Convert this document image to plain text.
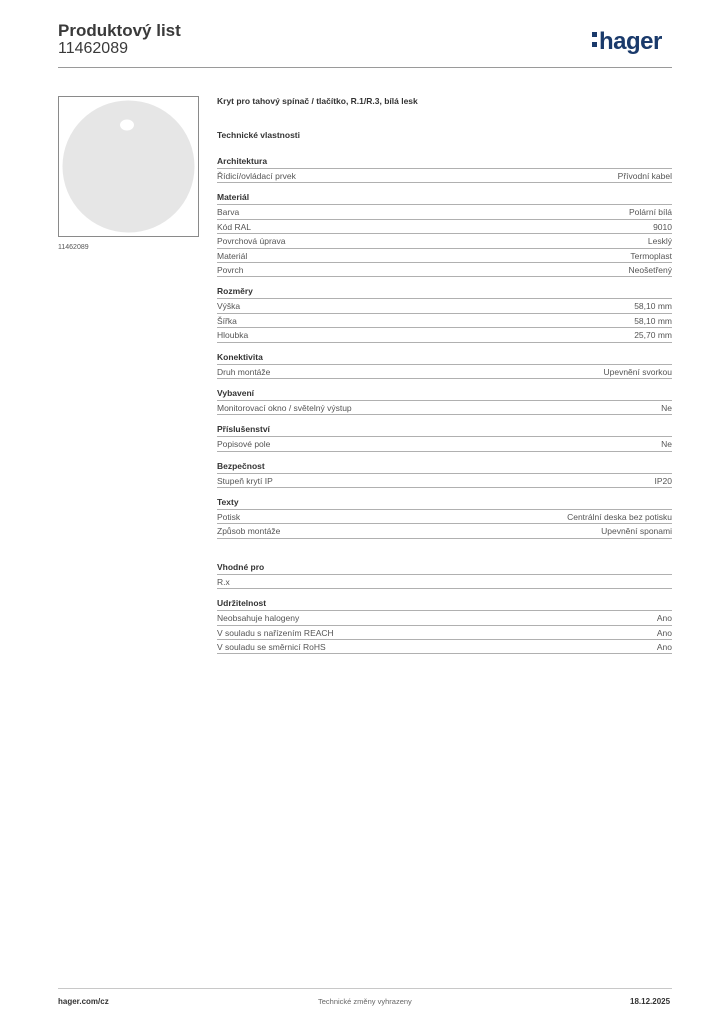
Produktový list
11462089	hager
11462089
Kryt pro tahový spínač / tlačítko, R.1/R.3, bílá lesk
Technické vlastnosti
Architektura
Řídicí/ovládací prvek	Přívodní kabel
Materiál
Barva	Polární bílá
Kód RAL	9010
Povrchová úprava	Lesklý
Materiál	Termoplast
Povrch	Neošetřený
Rozměry
Výška	58,10 mm
Šířka	58,10 mm
Hloubka	25,70 mm
Konektivita
Druh montáže	Upevnění svorkou
Vybavení
Monitorovací okno / světelný výstup	Ne
Příslušenství
Popisové pole	Ne
Bezpečnost
Stupeň krytí IP	IP20
Texty
Potisk	Centrální deska bez potisku
Způsob montáže	Upevnění sponami
Vhodné pro
R.x
Udržitelnost
Neobsahuje halogeny	Ano
V souladu s nařízením REACH	Ano
V souladu se směrnicí RoHS	Ano
hager.com/cz	Technické změny vyhrazeny	18.12.2025
